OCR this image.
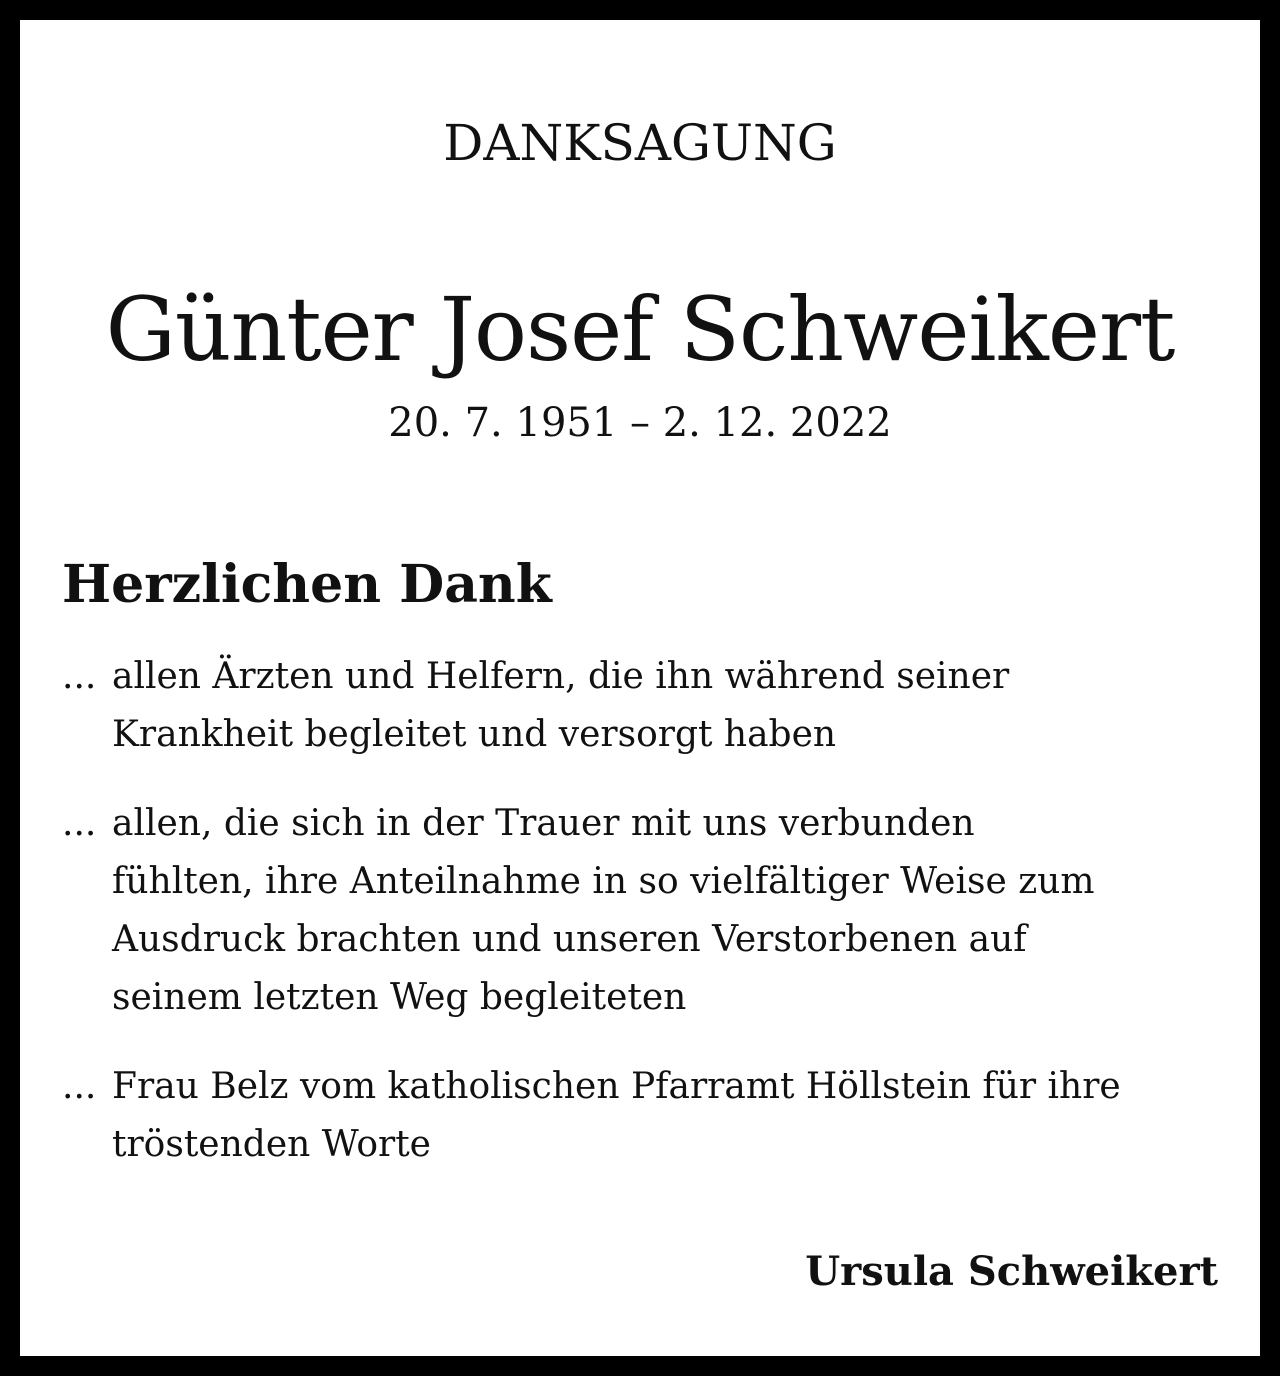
DANKSAGUNG

Günter Josef Schweikert

20. 7. 1951 – 2. 12. 2022

Herzlichen Dank

... allen Ärzten und Helfern, die ihn während seiner
Krankheit begleitet und versorgt haben
... allen, die sich in der Trauer mit uns verbunden
fühlten, ihre Anteilnahme in so vielfältiger Weise zum
Ausdruck brachten und unseren Verstorbenen auf
seinem letzten Weg begleiteten
... Frau Belz vom katholischen Pfarramt Höllstein für ihre
tröstenden Worte

Ursula Schweikert
